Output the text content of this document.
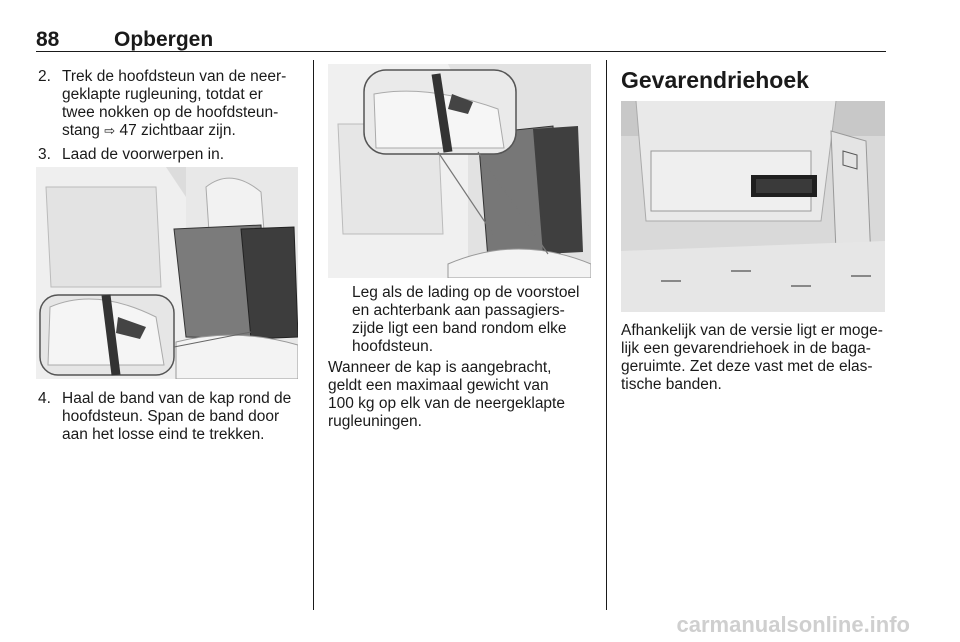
88	Opbergen
2. Trek de hoofdsteun van de neer-
geklapte rugleuning, totdat er
twee nokken op de hoofdsteun-
stang ⇨ 47 zichtbaar zijn.
3. Laad de voorwerpen in.
4. Haal de band van de kap rond de
hoofdsteun. Span de band door
aan het losse eind te trekken.
Leg als de lading op de voorstoel
en achterbank aan passagiers-
zijde ligt een band rondom elke
hoofdsteun.
Wanneer de kap is aangebracht,
geldt een maximaal gewicht van
100 kg op elk van de neergeklapte
rugleuningen.
Gevarendriehoek
Afhankelijk van de versie ligt er moge-
lijk een gevarendriehoek in de baga-
geruimte. Zet deze vast met de elas-
tische banden.
carmanualsonline.info
